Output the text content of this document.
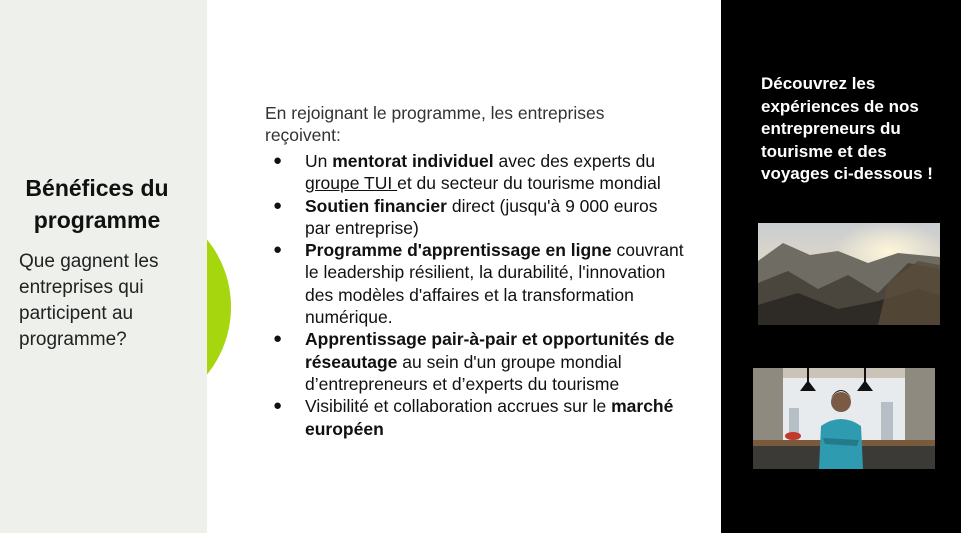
Bénéfices du programme
Que gagnent les entreprises qui participent au programme?
En rejoignant le programme, les entreprises reçoivent:
● Un mentorat individuel avec des experts du groupe TUI et du secteur du tourisme mondial
● Soutien financier direct (jusqu'à 9 000 euros par entreprise)
● Programme d'apprentissage en ligne couvrant le leadership résilient, la durabilité, l'innovation des modèles d'affaires et la transformation numérique.
● Apprentissage pair-à-pair et opportunités de réseautage au sein d'un groupe mondial d’entrepreneurs et d’experts du tourisme
● Visibilité et collaboration accrues sur le marché européen
Découvrez les expériences de nos entrepreneurs du tourisme et des voyages ci-dessous !
